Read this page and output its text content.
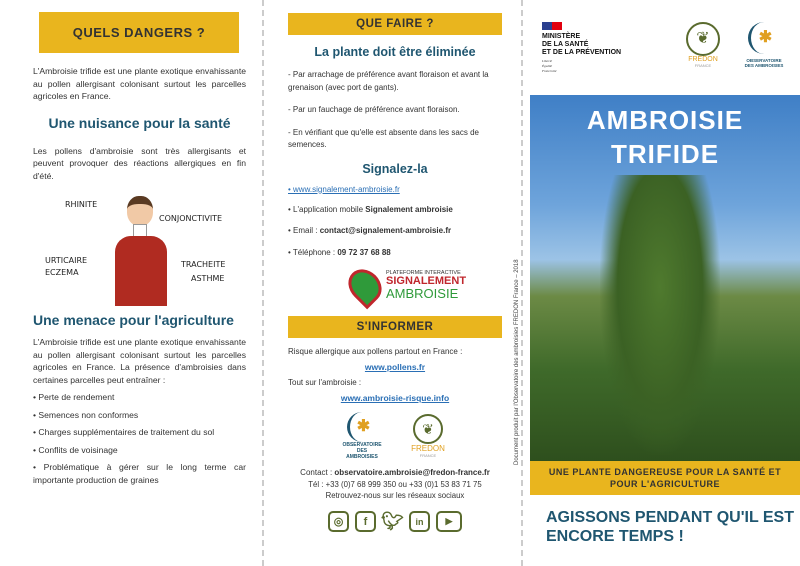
QUELS DANGERS ?

L'Ambroisie trifide est une plante exotique envahissante au pollen allergisant colonisant surtout les parcelles agricoles en France.

Une nuisance pour la santé

Les pollens d'ambroisie sont très allergisants et peuvent provoquer des réactions allergiques en fin d'été.

RHINITE
CONJONCTIVITE
URTICAIRE
ECZEMA
TRACHEITE
ASTHME
Une menace pour l'agriculture

L'Ambroisie trifide est une plante exotique envahissante au pollen allergisant colonisant surtout les parcelles agricoles en France. La présence d'ambroisies dans certaines parcelles peut entraîner :

• Perte de rendement
• Semences non conformes
• Charges supplémentaires de traitement du sol
• Conflits de voisinage
• Problématique à gérer sur le long terme car importante production de graines
QUE FAIRE ?
La plante doit être éliminée

- Par arrachage de préférence avant floraison et avant la grenaison (avec port de gants).

- Par un fauchage de préférence avant floraison.

- En vérifiant que qu'elle est absente dans les sacs de semences.

Signalez-la

• www.signalement-ambroisie.fr

• L'application mobile Signalement ambroisie

• Email : contact@signalement-ambroisie.fr

• Téléphone : 09 72 37 68 88

PLATEFORME INTERACTIVE
SIGNALEMENT
AMBROISIE
S'INFORMER

Risque allergique aux pollens partout en France :

www.pollens.fr

Tout sur l'ambroisie :

www.ambroisie-risque.info

✱
OBSERVATOIRE DES AMBROISIES
❦
FREDON
FRANCE

Contact : observatoire.ambroisie@fredon-france.fr

Tél : +33 (0)7 68 999 350 ou +33 (0)1 53 83 71 75

Retrouvez-nous sur les réseaux sociaux

◎	f 🐦︎	in	▶
Document produit par l'Observatoire des ambroisies FREDON France – 2018
MINISTÈRE
DE LA SANTÉ
ET DE LA PRÉVENTION
Liberté
Égalité
Fraternité
❦
FREDON
FRANCE
✱
OBSERVATOIRE DES AMBROISIES
AMBROISIE
TRIFIDE
UNE PLANTE DANGEREUSE POUR LA SANTÉ ET POUR L'AGRICULTURE
AGISSONS PENDANT QU'IL EST ENCORE TEMPS !
